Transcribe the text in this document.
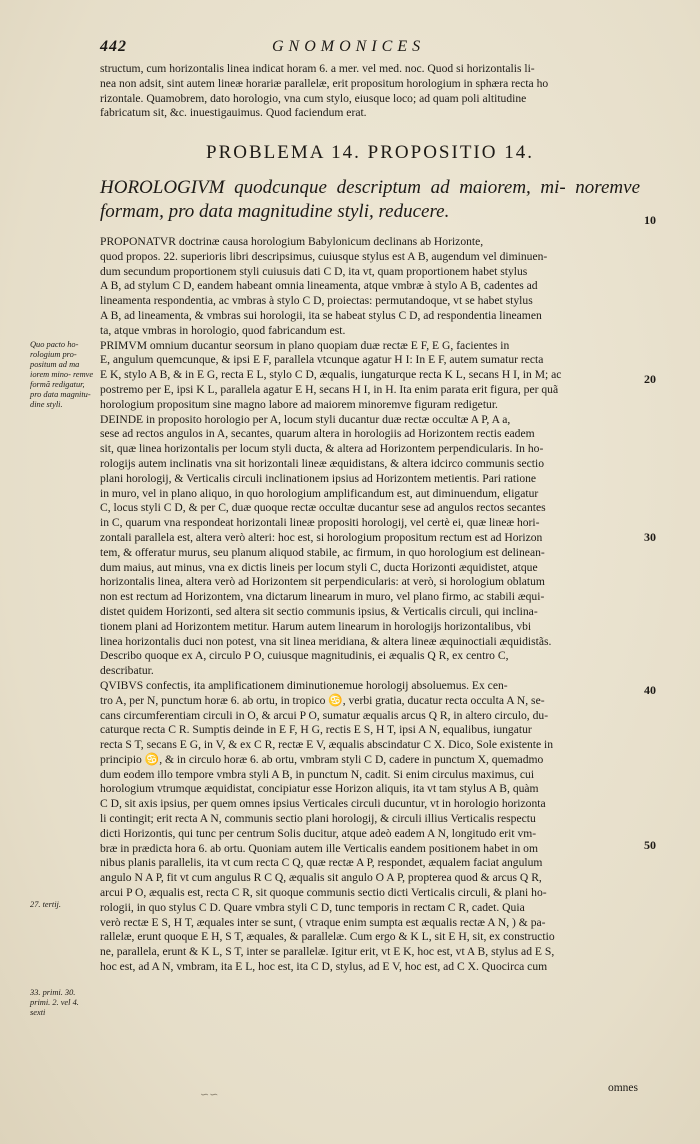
442	GNOMONICES

structum, cum horizontalis linea indicat horam 6. a mer. vel med. noc. Quod si horizontalis li-

nea non adsit, sint autem lineæ horariæ parallelæ, erit propositum horologium in sphæra recta ho

rizontale. Quamobrem, dato horologio, vna cum stylo, eiusque loco; ad quam poli altitudine

fabricatum sit, &c. inuestigauimus. Quod faciendum erat.

PROBLEMA 14. PROPOSITIO 14.
HOROLOGIVM quodcunque descriptum ad maiorem, mi- noremve formam, pro data magnitudine styli, reducere.

PROPONATVR doctrinæ causa horologium Babylonicum declinans ab Horizonte,

quod propos. 22. superioris libri descripsimus, cuiusque stylus est A B, augendum vel diminuen-

dum secundum proportionem styli cuiusuis dati C D, ita vt, quam proportionem habet stylus

A B, ad stylum C D, eandem habeant omnia lineamenta, atque vmbræ à stylo A B, cadentes ad

lineamenta respondentia, ac vmbras à stylo C D, proiectas: permutandoque, vt se habet stylus

A B, ad lineamenta, & vmbras sui horologii, ita se habeat stylus C D, ad respondentia lineamen

ta, atque vmbras in horologio, quod fabricandum est.

PRIMVM omnium ducantur seorsum in plano quopiam duæ rectæ E F, E G, facientes in

E, angulum quemcunque, & ipsi E F, parallela vtcunque agatur H I: In E F, autem sumatur recta

E K, stylo A B, & in E G, recta E L, stylo C D, æqualis, iungaturque recta K L, secans H I, in M; ac

postremo per E, ipsi K L, parallela agatur E H, secans H I, in H. Ita enim parata erit figura, per quã

horologium propositum sine magno labore ad maiorem minoremve figuram redigetur.

DEINDE in proposito horologio per A, locum styli ducantur duæ rectæ occultæ A P, A a,

sese ad rectos angulos in A, secantes, quarum altera in horologiis ad Horizontem rectis eadem

sit, quæ linea horizontalis per locum styli ducta, & altera ad Horizontem perpendicularis. In ho-

rologijs autem inclinatis vna sit horizontali lineæ æquidistans, & altera idcirco communis sectio

plani horologij, & Verticalis circuli inclinationem ipsius ad Horizontem metientis. Pari ratione

in muro, vel in plano aliquo, in quo horologium amplificandum est, aut diminuendum, eligatur

C, locus styli C D, & per C, duæ quoque rectæ occultæ ducantur sese ad angulos rectos secantes

in C, quarum vna respondeat horizontali lineæ propositi horologij, vel certè ei, quæ lineæ hori-

zontali parallela est, altera verò alteri: hoc est, si horologium propositum rectum est ad Horizon

tem, & offeratur murus, seu planum aliquod stabile, ac firmum, in quo horologium est delinean-

dum maius, aut minus, vna ex dictis lineis per locum styli C, ducta Horizonti æquidistet, atque

horizontalis linea, altera verò ad Horizontem sit perpendicularis: at verò, si horologium oblatum

non est rectum ad Horizontem, vna dictarum linearum in muro, vel plano firmo, ac stabili æqui-

distet quidem Horizonti, sed altera sit sectio communis ipsius, & Verticalis circuli, qui inclina-

tionem plani ad Horizontem metitur. Harum autem linearum in horologijs horizontalibus, vbi

linea horizontalis duci non potest, vna sit linea meridiana, & altera lineæ æquinoctiali æquidistãs.

Describo quoque ex A, circulo P O, cuiusque magnitudinis, ei æqualis Q R, ex centro C,

describatur.

QVIBVS confectis, ita amplificationem diminutionemue horologij absoluemus. Ex cen-

tro A, per N, punctum horæ 6. ab ortu, in tropico ♋, verbi gratia, ducatur recta occulta A N, se-

cans circumferentiam circuli in O, & arcui P O, sumatur æqualis arcus Q R, in altero circulo, du-

caturque recta C R. Sumptis deinde in E F, H G, rectis E S, H T, ipsi A N, equalibus, iungatur

recta S T, secans E G, in V, & ex C R, rectæ E V, æqualis abscindatur C X. Dico, Sole existente in

principio ♋, & in circulo horæ 6. ab ortu, vmbram styli C D, cadere in punctum X, quemadmo

dum eodem illo tempore vmbra styli A B, in punctum N, cadit. Si enim circulus maximus, cui

horologium vtrumque æquidistat, concipiatur esse Horizon aliquis, ita vt tam stylus A B, quàm

C D, sit axis ipsius, per quem omnes ipsius Verticales circuli ducuntur, vt in horologio horizonta

li contingit; erit recta A N, communis sectio plani horologij, & circuli illius Verticalis respectu

dicti Horizontis, qui tunc per centrum Solis ducitur, atque adeò eadem A N, longitudo erit vm-

bræ in prædicta hora 6. ab ortu. Quoniam autem ille Verticalis eandem positionem habet in om

nibus planis parallelis, ita vt cum recta C Q, quæ rectæ A P, respondet, æqualem faciat angulum

angulo N A P, fit vt cum angulus R C Q, æqualis sit angulo O A P, propterea quod & arcus Q R,

arcui P O, æqualis est, recta C R, sit quoque communis sectio dicti Verticalis circuli, & plani ho-

rologii, in quo stylus C D. Quare vmbra styli C D, tunc temporis in rectam C R, cadet. Quia

verò rectæ E S, H T, æquales inter se sunt, ( vtraque enim sumpta est æqualis rectæ A N, ) & pa-

rallelæ, erunt quoque E H, S T, æquales, & parallelæ. Cum ergo & K L, sit E H, sit, ex constructio

ne, parallela, erunt & K L, S T, inter se parallelæ. Igitur erit, vt E K, hoc est, vt A B, stylus ad E S,

hoc est, ad A N, vmbram, ita E L, hoc est, ita C D, stylus, ad E V, hoc est, ad C X. Quocirca cum

Quo pacto ho- rologium pro- positum ad ma iorem mino- remve formã redigatur, pro data magnitu- dine styli.
27. tertij.
33. primi. 30. primi. 2. vel 4. sexti
10
20
30
40
50
∽∽
omnes
